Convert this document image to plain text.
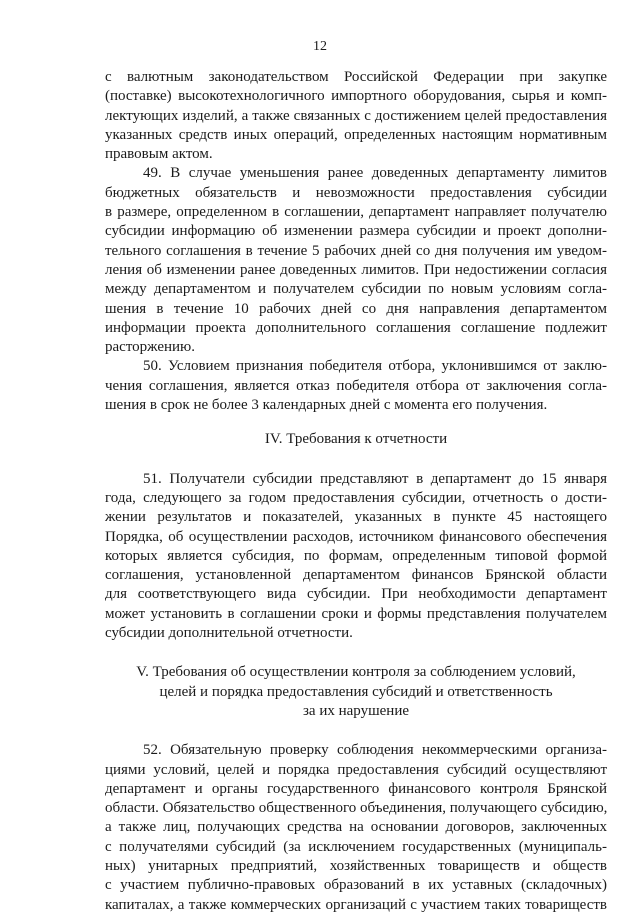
12

с валютным законодательством Российской Федерации при закупке
(поставке) высокотехнологичного импортного оборудования, сырья и комп-
лектующих изделий, а также связанных с достижением целей предоставления
указанных средств иных операций, определенных настоящим нормативным
правовым актом.

49. В случае уменьшения ранее доведенных департаменту лимитов
бюджетных обязательств и невозможности предоставления субсидии
в размере, определенном в соглашении, департамент направляет получателю
субсидии информацию об изменении размера субсидии и проект дополни-
тельного соглашения в течение 5 рабочих дней со дня получения им уведом-
ления об изменении ранее доведенных лимитов. При недостижении согласия
между департаментом и получателем субсидии по новым условиям согла-
шения в течение 10 рабочих дней со дня направления департаментом
информации проекта дополнительного соглашения соглашение подлежит
расторжению.

50. Условием признания победителя отбора, уклонившимся от заклю-
чения соглашения, является отказ победителя отбора от заключения согла-
шения в срок не более 3 календарных дней с момента его получения.

IV. Требования к отчетности

51. Получатели субсидии представляют в департамент до 15 января
года, следующего за годом предоставления субсидии, отчетность о дости-
жении результатов и показателей, указанных в пункте 45 настоящего
Порядка, об осуществлении расходов, источником финансового обеспечения
которых является субсидия, по формам, определенным типовой формой
соглашения, установленной департаментом финансов Брянской области
для соответствующего вида субсидии. При необходимости департамент
может установить в соглашении сроки и формы представления получателем
субсидии дополнительной отчетности.

V. Требования об осуществлении контроля за соблюдением условий,
целей и порядка предоставления субсидий и ответственность
за их нарушение

52. Обязательную проверку соблюдения некоммерческими организа-
циями условий, целей и порядка предоставления субсидий осуществляют
департамент и органы государственного финансового контроля Брянской
области. Обязательство общественного объединения, получающего субсидию,
а также лиц, получающих средства на основании договоров, заключенных
с получателями субсидий (за исключением государственных (муниципаль-
ных) унитарных предприятий, хозяйственных товариществ и обществ
с участием публично-правовых образований в их уставных (складочных)
капиталах, а также коммерческих организаций с участием таких товариществ
